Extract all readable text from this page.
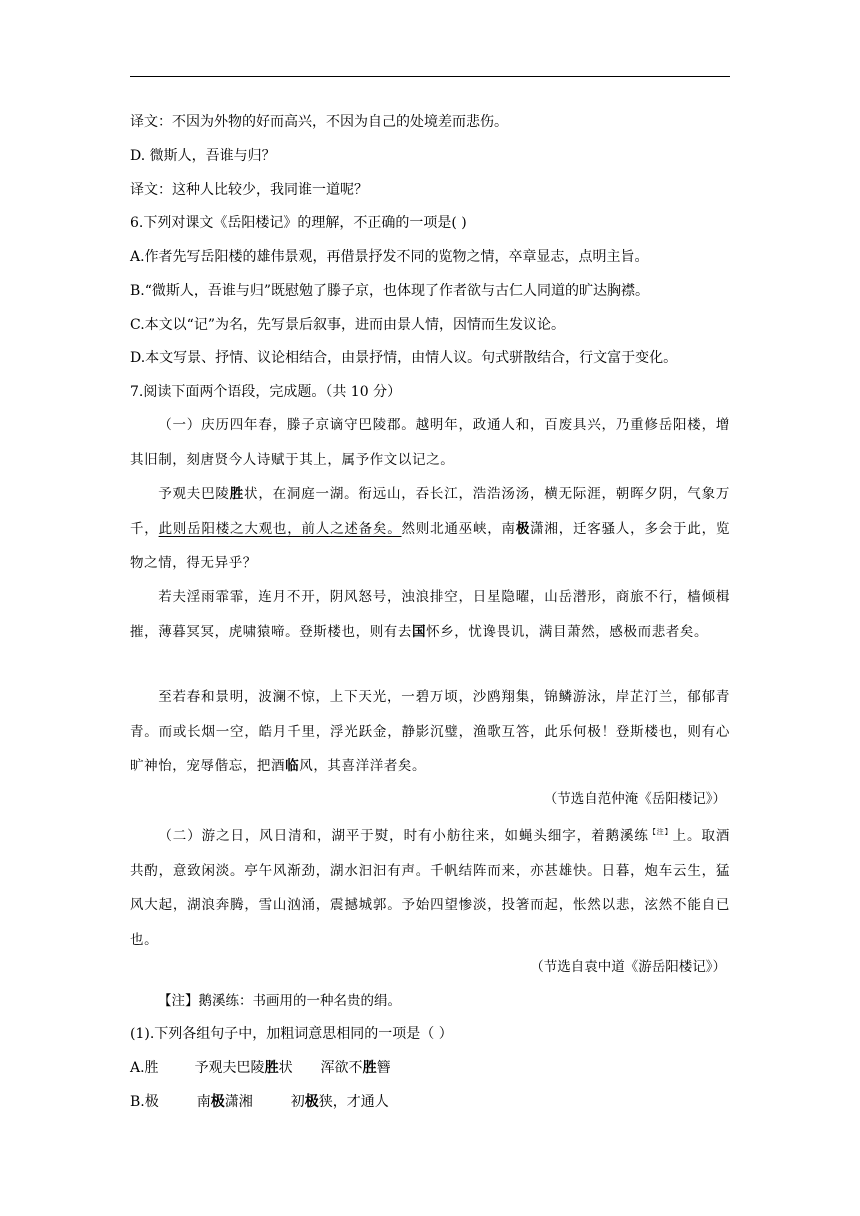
译文：不因为外物的好而高兴，不因为自己的处境差而悲伤。
D. 微斯人，吾谁与归？
译文：这种人比较少，我同谁一道呢？
6.下列对课文《岳阳楼记》的理解，不正确的一项是( )
A.作者先写岳阳楼的雄伟景观，再借景抒发不同的览物之情，卒章显志，点明主旨。
B.“微斯人，吾谁与归”既慰勉了滕子京，也体现了作者欲与古仁人同道的旷达胸襟。
C.本文以“记”为名，先写景后叙事，进而由景人情，因情而生发议论。
D.本文写景、抒情、议论相结合，由景抒情，由情人议。句式骈散结合，行文富于变化。
7.阅读下面两个语段，完成题。（共 10 分）
（一）庆历四年春，滕子京谪守巴陵郡。越明年，政通人和，百废具兴，乃重修岳阳楼，增其旧制，刻唐贤今人诗赋于其上，属予作文以记之。
予观夫巴陵胜状，在洞庭一湖。衔远山，吞长江，浩浩汤汤，横无际涯，朝晖夕阴，气象万千，此则岳阳楼之大观也，前人之述备矣。然则北通巫峡，南极潇湘，迁客骚人，多会于此，览物之情，得无异乎？
若夫淫雨霏霏，连月不开，阴风怒号，浊浪排空，日星隐曜，山岳潜形，商旅不行，樯倾楫摧，薄暮冥冥，虎啸猿啼。登斯楼也，则有去国怀乡，忧谗畏讥，满目萧然，感极而悲者矣。
至若春和景明，波澜不惊，上下天光，一碧万顷，沙鸥翔集，锦鳞游泳，岸芷汀兰，郁郁青青。而或长烟一空，皓月千里，浮光跃金，静影沉璧，渔歌互答，此乐何极！登斯楼也，则有心旷神怡，宠辱偕忘，把酒临风，其喜洋洋者矣。
（节选自范仲淹《岳阳楼记》）
（二）游之日，风日清和，湖平于熨，时有小舫往来，如蝇头细字，着鹅溪练$^{【注】}$上。取酒共酌，意致闲淡。亭午风渐劲，湖水汩汩有声。千帆结阵而来，亦甚雄快。日暮，炮车云生，猛风大起，湖浪奔腾，雪山汹涌，震撼城郭。予始四望惨淡，投箸而起，怅然以悲，泫然不能自已也。
（节选自袁中道《游岳阳楼记》）
【注】鹅溪练：书画用的一种名贵的绢。
(1).下列各组句子中，加粗词意思相同的一项是（ ）
A.胜	予观夫巴陵胜状 浑欲不胜簪
B.极	南极潇湘	初极狭，才通人
